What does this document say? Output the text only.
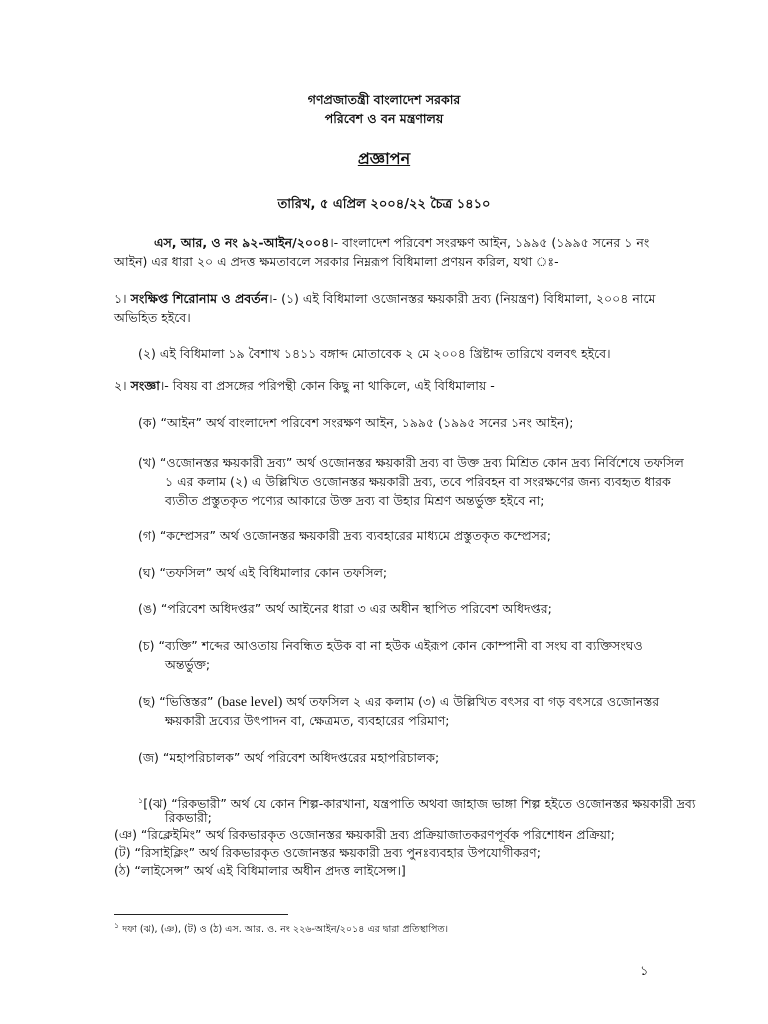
গণপ্রজাতন্ত্রী বাংলাদেশ সরকার
পরিবেশ ও বন মন্ত্রণালয়
প্রজ্ঞাপন
তারিখ, ৫ এপ্রিল ২০০৪/২২ চৈত্র ১৪১০
এস, আর, ও নং ৯২-আইন/২০০৪।- বাংলাদেশ পরিবেশ সংরক্ষণ আইন, ১৯৯৫ (১৯৯৫ সনের ১ নং
আইন) এর ধারা ২০ এ প্রদত্ত ক্ষমতাবলে সরকার নিম্নরূপ বিধিমালা প্রণয়ন করিল, যথা ঃ-
১। সংক্ষিপ্ত শিরোনাম ও প্রবর্তন।- (১) এই বিধিমালা ওজোনস্তর ক্ষয়কারী দ্রব্য (নিয়ন্ত্রণ) বিধিমালা, ২০০৪ নামে
অভিহিত হইবে।
(২) এই বিধিমালা ১৯ বৈশাখ ১৪১১ বঙ্গাব্দ মোতাবেক ২ মে ২০০৪ খ্রিষ্টাব্দ তারিখে বলবৎ হইবে।
২। সংজ্ঞা।- বিষয় বা প্রসঙ্গের পরিপন্থী কোন কিছু না থাকিলে, এই বিধিমালায় -
(ক) “আইন” অর্থ বাংলাদেশ পরিবেশ সংরক্ষণ আইন, ১৯৯৫ (১৯৯৫ সনের ১নং আইন);
(খ) “ওজোনস্তর ক্ষয়কারী দ্রব্য” অর্থ ওজোনস্তর ক্ষয়কারী দ্রব্য বা উক্ত দ্রব্য মিশ্রিত কোন দ্রব্য নির্বিশেষে তফসিল
১ এর কলাম (২) এ উল্লিখিত ওজোনস্তর ক্ষয়কারী দ্রব্য, তবে পরিবহন বা সংরক্ষণের জন্য ব্যবহৃত ধারক
ব্যতীত প্রস্তুতকৃত পণ্যের আকারে উক্ত দ্রব্য বা উহার মিশ্রণ অন্তর্ভুক্ত হইবে না;
(গ) “কম্প্রেসর” অর্থ ওজোনস্তর ক্ষয়কারী দ্রব্য ব্যবহারের মাধ্যমে প্রস্তুতকৃত কম্প্রেসর;
(ঘ) “তফসিল” অর্থ এই বিধিমালার কোন তফসিল;
(ঙ) “পরিবেশ অধিদপ্তর” অর্থ আইনের ধারা ৩ এর অধীন স্থাপিত পরিবেশ অধিদপ্তর;
(চ) “ব্যক্তি” শব্দের আওতায় নিবন্ধিত হউক বা না হউক এইরূপ কোন কোম্পানী বা সংঘ বা ব্যক্তিসংঘও
অন্তর্ভুক্ত;
(ছ) “ভিত্তিস্তর” (base level) অর্থ তফসিল ২ এর কলাম (৩) এ উল্লিখিত বৎসর বা গড় বৎসরে ওজোনস্তর
ক্ষয়কারী দ্রব্যের উৎপাদন বা, ক্ষেত্রমত, ব্যবহারের পরিমাণ;
(জ) “মহাপরিচালক” অর্থ পরিবেশ অধিদপ্তরের মহাপরিচালক;
$^১$[(ঝ) “রিকভারী” অর্থ যে কোন শিল্প-কারখানা, যন্ত্রপাতি অথবা জাহাজ ভাঙ্গা শিল্প হইতে ওজোনস্তর ক্ষয়কারী দ্রব্য
রিকভারী;
(ঞ) “রিক্লেইমিং” অর্থ রিকভারকৃত ওজোনস্তর ক্ষয়কারী দ্রব্য প্রক্রিয়াজাতকরণপূর্বক পরিশোধন প্রক্রিয়া;
(ট) “রিসাইক্লিং” অর্থ রিকভারকৃত ওজোনস্তর ক্ষয়কারী দ্রব্য পুনঃব্যবহার উপযোগীকরণ;
(ঠ) “লাইসেন্স” অর্থ এই বিধিমালার অধীন প্রদত্ত লাইসেন্স।]
$^১$ দফা (ঝ), (ঞ), (ট) ও (ঠ) এস. আর. ও. নং ২২৬-আইন/২০১৪ এর দ্বারা প্রতিস্থাপিত।
১
